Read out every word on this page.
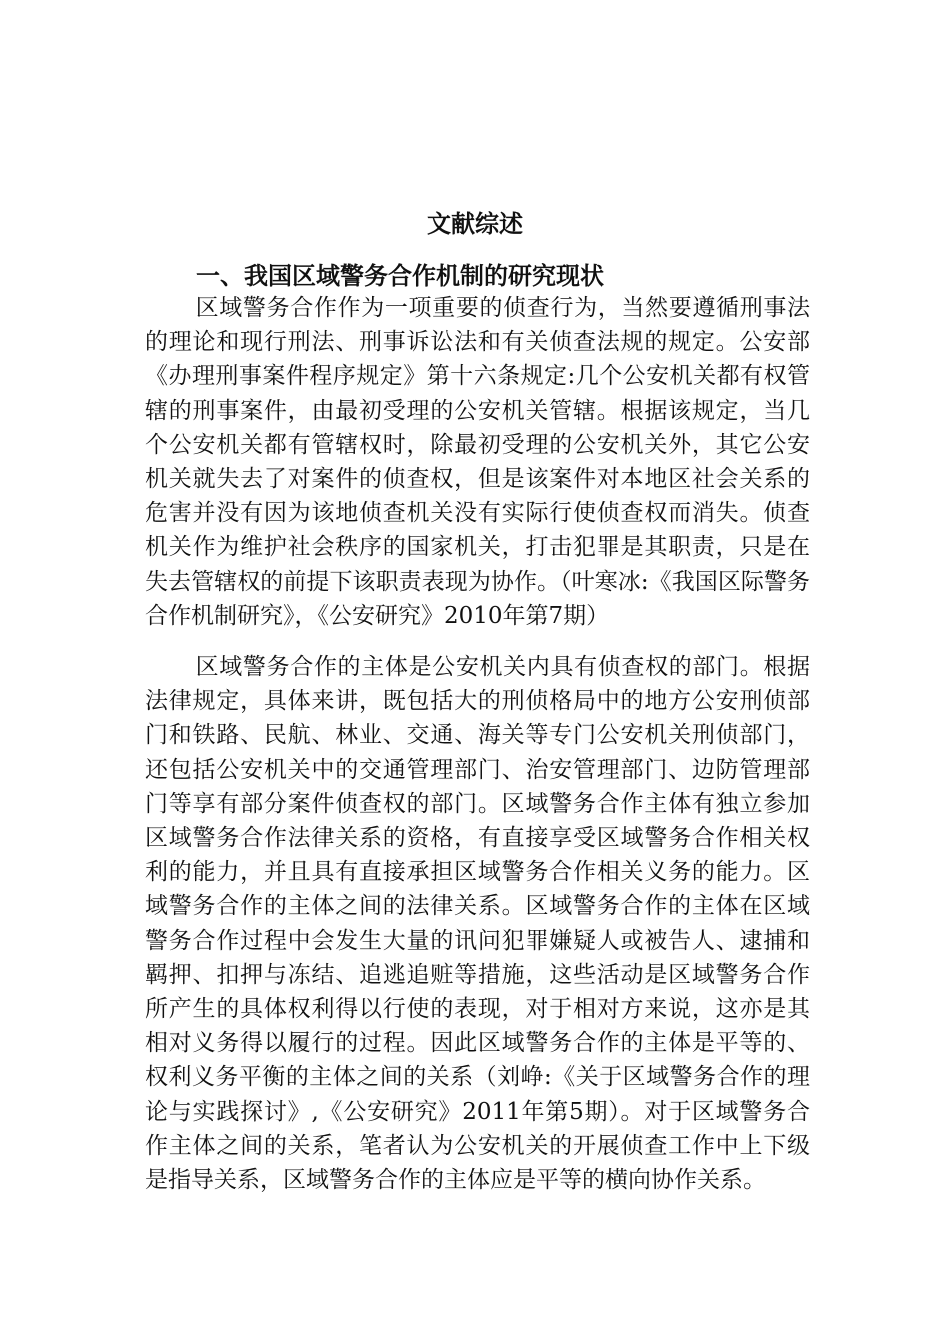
文献综述
一、我国区域警务合作机制的研究现状

区域警务合作作为一项重要的侦查行为，当然要遵循刑事法的理论和现行刑法、刑事诉讼法和有关侦查法规的规定。公安部《办理刑事案件程序规定》第十六条规定:几个公安机关都有权管辖的刑事案件，由最初受理的公安机关管辖。根据该规定，当几个公安机关都有管辖权时，除最初受理的公安机关外，其它公安机关就失去了对案件的侦查权，但是该案件对本地区社会关系的危害并没有因为该地侦查机关没有实际行使侦查权而消失。侦查机关作为维护社会秩序的国家机关，打击犯罪是其职责，只是在失去管辖权的前提下该职责表现为协作。（叶寒冰:《我国区际警务合作机制研究》，《公安研究》2010年第7期）

区域警务合作的主体是公安机关内具有侦查权的部门。根据法律规定，具体来讲，既包括大的刑侦格局中的地方公安刑侦部门和铁路、民航、林业、交通、海关等专门公安机关刑侦部门，还包括公安机关中的交通管理部门、治安管理部门、边防管理部门等享有部分案件侦查权的部门。区域警务合作主体有独立参加区域警务合作法律关系的资格，有直接享受区域警务合作相关权利的能力，并且具有直接承担区域警务合作相关义务的能力。区域警务合作的主体之间的法律关系。区域警务合作的主体在区域警务合作过程中会发生大量的讯问犯罪嫌疑人或被告人、逮捕和羁押、扣押与冻结、追逃追赃等措施，这些活动是区域警务合作所产生的具体权利得以行使的表现，对于相对方来说，这亦是其相对义务得以履行的过程。因此区域警务合作的主体是平等的、权利义务平衡的主体之间的关系（刘峥:《关于区域警务合作的理论与实践探讨》,《公安研究》2011年第5期）。对于区域警务合作主体之间的关系，笔者认为公安机关的开展侦查工作中上下级是指导关系，区域警务合作的主体应是平等的横向协作关系。
